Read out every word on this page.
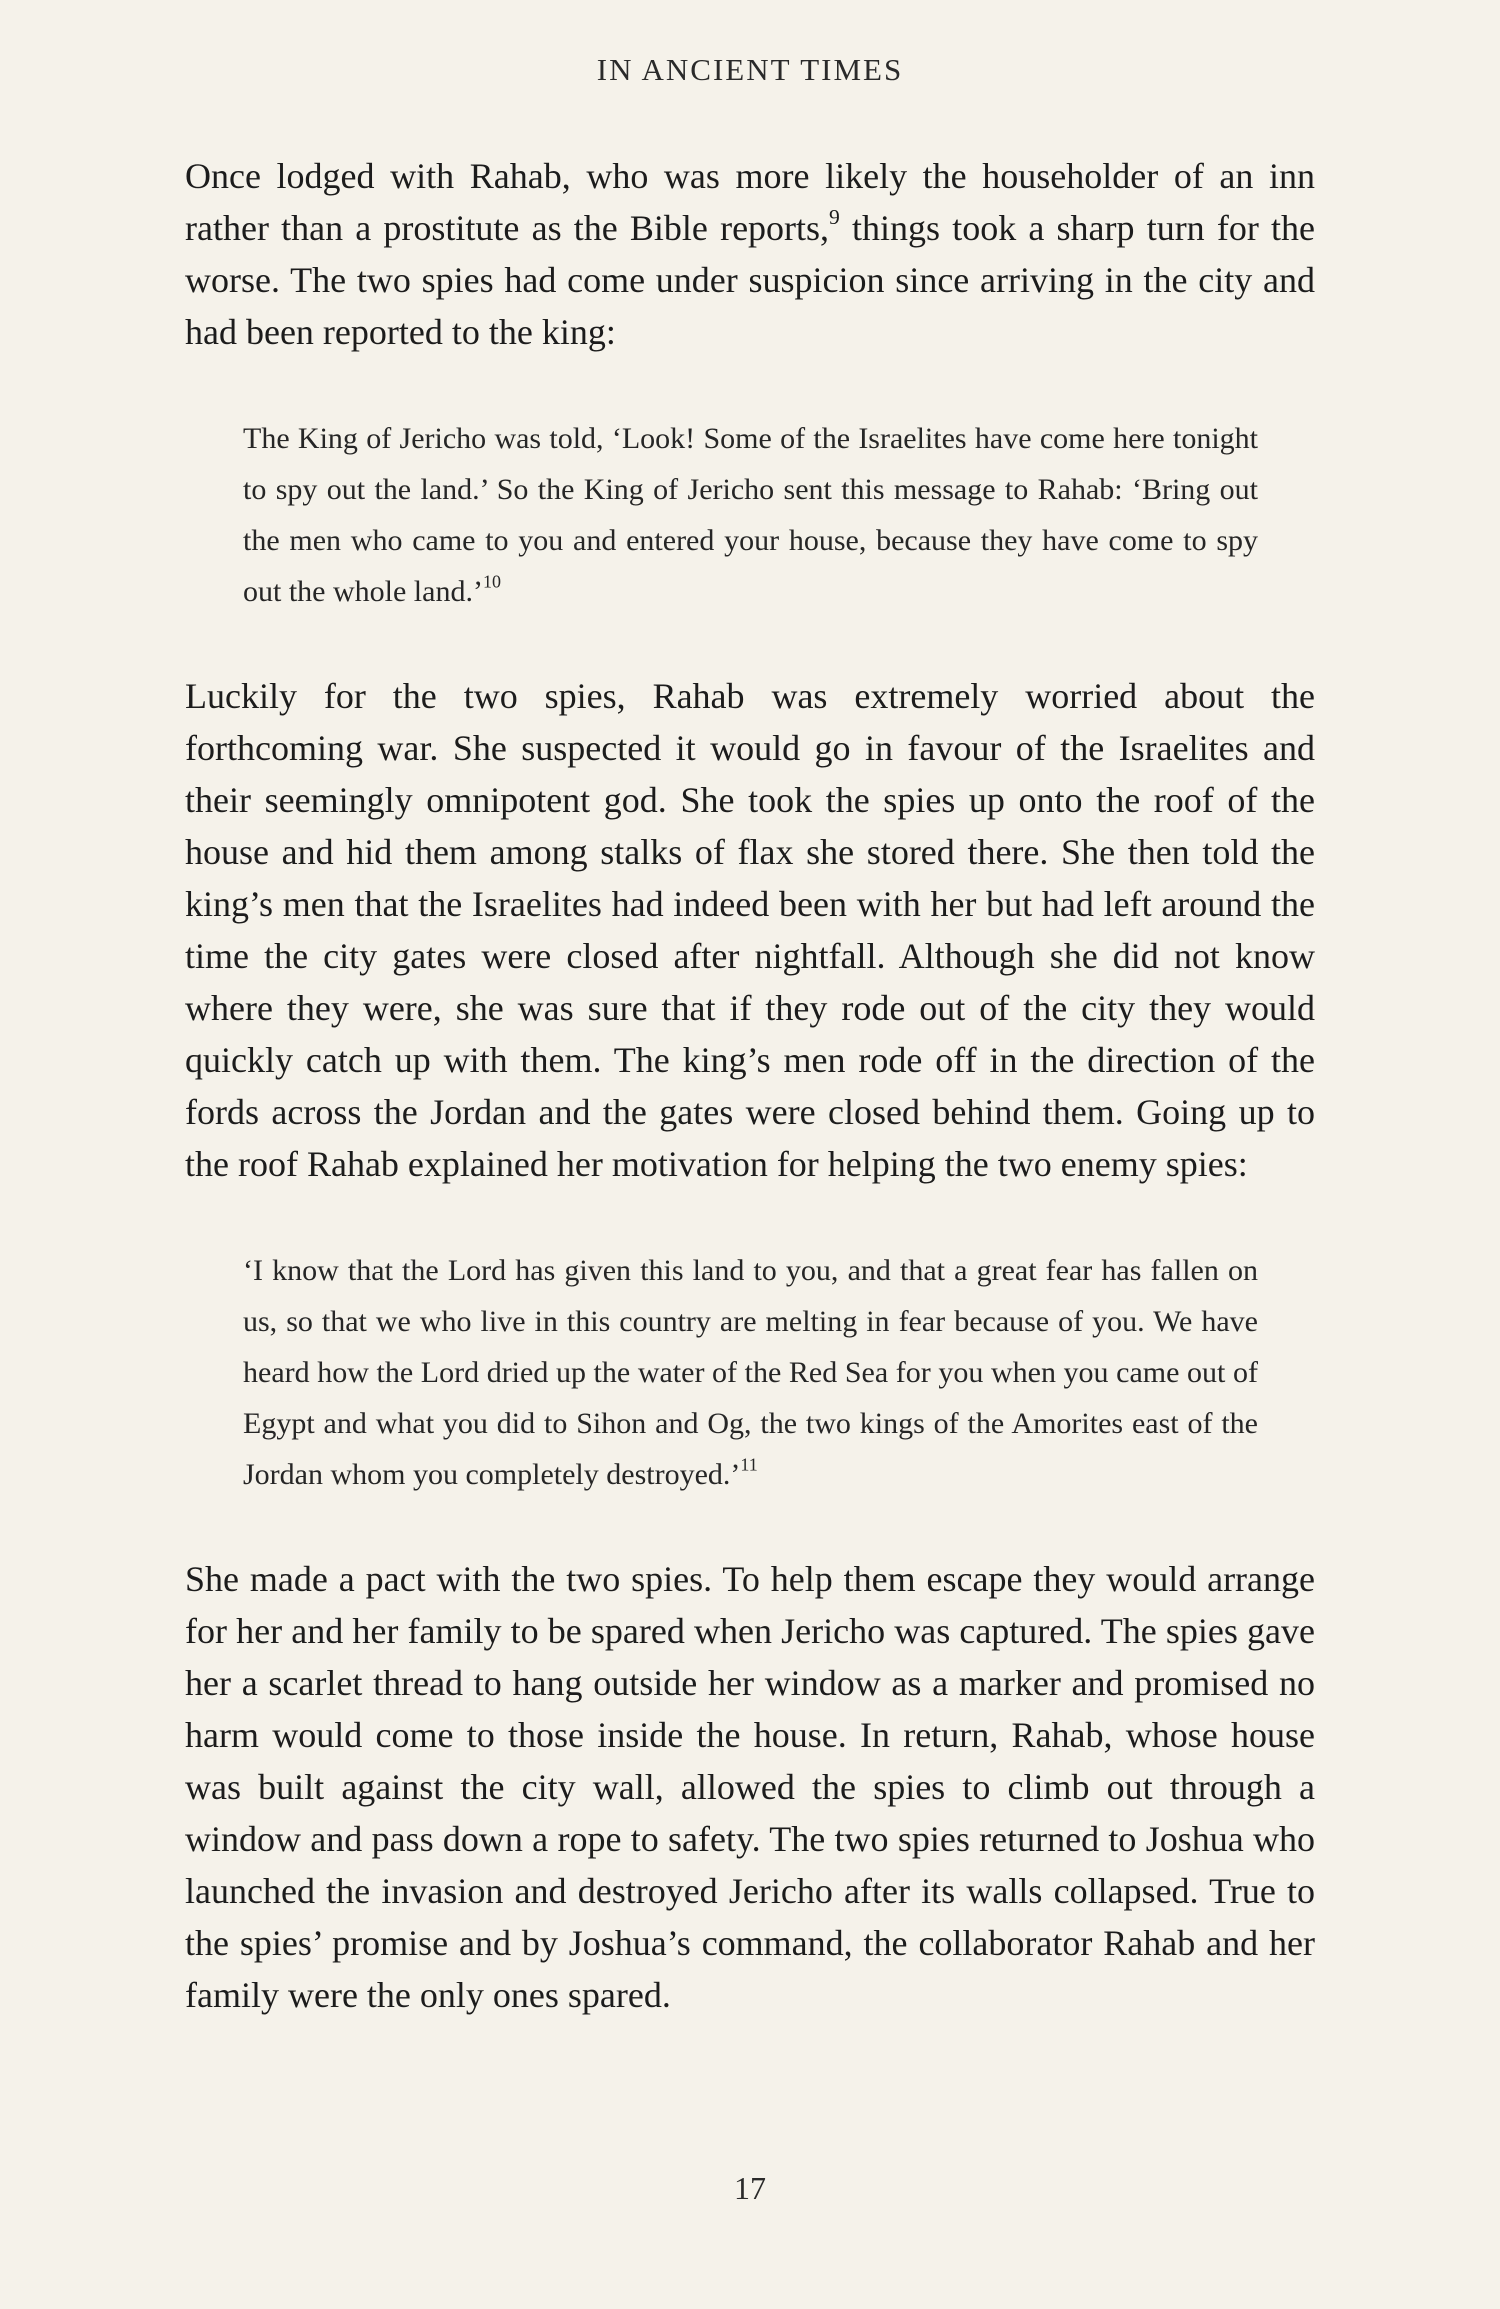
IN ANCIENT TIMES

Once lodged with Rahab, who was more likely the householder of an inn rather than a prostitute as the Bible reports,$^9$ things took a sharp turn for the worse. The two spies had come under suspicion since arriving in the city and had been reported to the king:

The King of Jericho was told, ‘Look! Some of the Israelites have come here tonight to spy out the land.’ So the King of Jericho sent this message to Rahab: ‘Bring out the men who came to you and entered your house, because they have come to spy out the whole land.’$^{10}$

Luckily for the two spies, Rahab was extremely worried about the forthcoming war. She suspected it would go in favour of the Israelites and their seemingly omnipotent god. She took the spies up onto the roof of the house and hid them among stalks of flax she stored there. She then told the king’s men that the Israelites had indeed been with her but had left around the time the city gates were closed after nightfall. Although she did not know where they were, she was sure that if they rode out of the city they would quickly catch up with them. The king’s men rode off in the direction of the fords across the Jordan and the gates were closed behind them. Going up to the roof Rahab explained her motivation for helping the two enemy spies:

‘I know that the Lord has given this land to you, and that a great fear has fallen on us, so that we who live in this country are melting in fear because of you. We have heard how the Lord dried up the water of the Red Sea for you when you came out of Egypt and what you did to Sihon and Og, the two kings of the Amorites east of the Jordan whom you completely destroyed.’$^{11}$

She made a pact with the two spies. To help them escape they would arrange for her and her family to be spared when Jericho was captured. The spies gave her a scarlet thread to hang outside her window as a marker and promised no harm would come to those inside the house. In return, Rahab, whose house was built against the city wall, allowed the spies to climb out through a window and pass down a rope to safety. The two spies returned to Joshua who launched the invasion and destroyed Jericho after its walls collapsed. True to the spies’ promise and by Joshua’s command, the collaborator Rahab and her family were the only ones spared.

17
